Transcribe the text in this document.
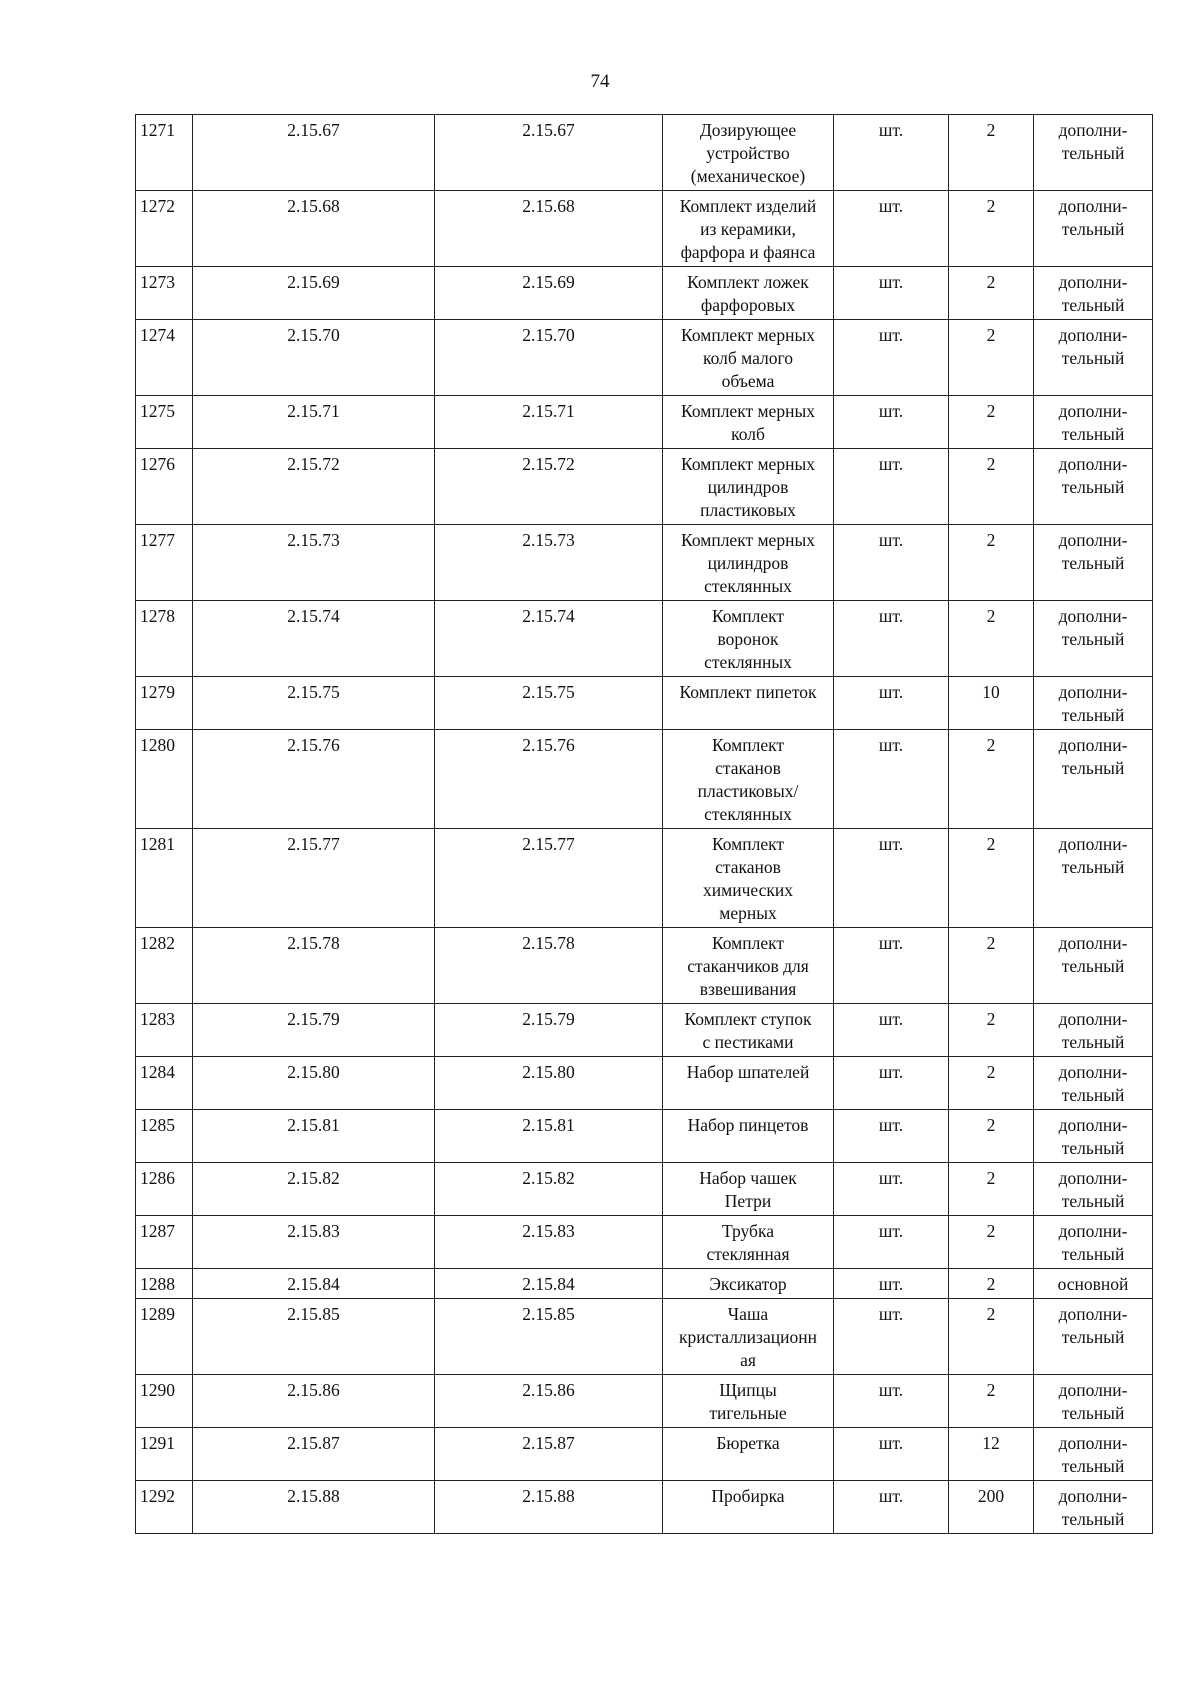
74
1271	2.15.67	2.15.67	Дозирующее
устройство
(механическое)	шт.	2	дополни-
тельный

1272	2.15.68	2.15.68	Комплект изделий
из керамики,
фарфора и фаянса	шт.	2	дополни-
тельный

1273	2.15.69	2.15.69	Комплект ложек
фарфоровых	шт.	2	дополни-
тельный

1274	2.15.70	2.15.70	Комплект мерных
колб малого
объема	шт.	2	дополни-
тельный

1275	2.15.71	2.15.71	Комплект мерных
колб	шт.	2	дополни-
тельный

1276	2.15.72	2.15.72	Комплект мерных
цилиндров
пластиковых	шт.	2	дополни-
тельный

1277	2.15.73	2.15.73	Комплект мерных
цилиндров
стеклянных	шт.	2	дополни-
тельный

1278	2.15.74	2.15.74	Комплект
воронок
стеклянных	шт.	2	дополни-
тельный

1279	2.15.75	2.15.75	Комплект пипеток	шт.	10	дополни-
тельный

1280	2.15.76	2.15.76	Комплект
стаканов
пластиковых/
стеклянных	шт.	2	дополни-
тельный

1281	2.15.77	2.15.77	Комплект
стаканов
химических
мерных	шт.	2	дополни-
тельный

1282	2.15.78	2.15.78	Комплект
стаканчиков для
взвешивания	шт.	2	дополни-
тельный

1283	2.15.79	2.15.79	Комплект ступок
с пестиками	шт.	2	дополни-
тельный

1284	2.15.80	2.15.80	Набор шпателей	шт.	2	дополни-
тельный

1285	2.15.81	2.15.81	Набор пинцетов	шт.	2	дополни-
тельный

1286	2.15.82	2.15.82	Набор чашек
Петри	шт.	2	дополни-
тельный

1287	2.15.83	2.15.83	Трубка
стеклянная	шт.	2	дополни-
тельный

1288	2.15.84	2.15.84	Эксикатор	шт.	2	основной

1289	2.15.85	2.15.85	Чаша
кристаллизационн
ая	шт.	2	дополни-
тельный

1290	2.15.86	2.15.86	Щипцы
тигельные	шт.	2	дополни-
тельный

1291	2.15.87	2.15.87	Бюретка	шт.	12	дополни-
тельный

1292	2.15.88	2.15.88	Пробирка	шт.	200	дополни-
тельный
